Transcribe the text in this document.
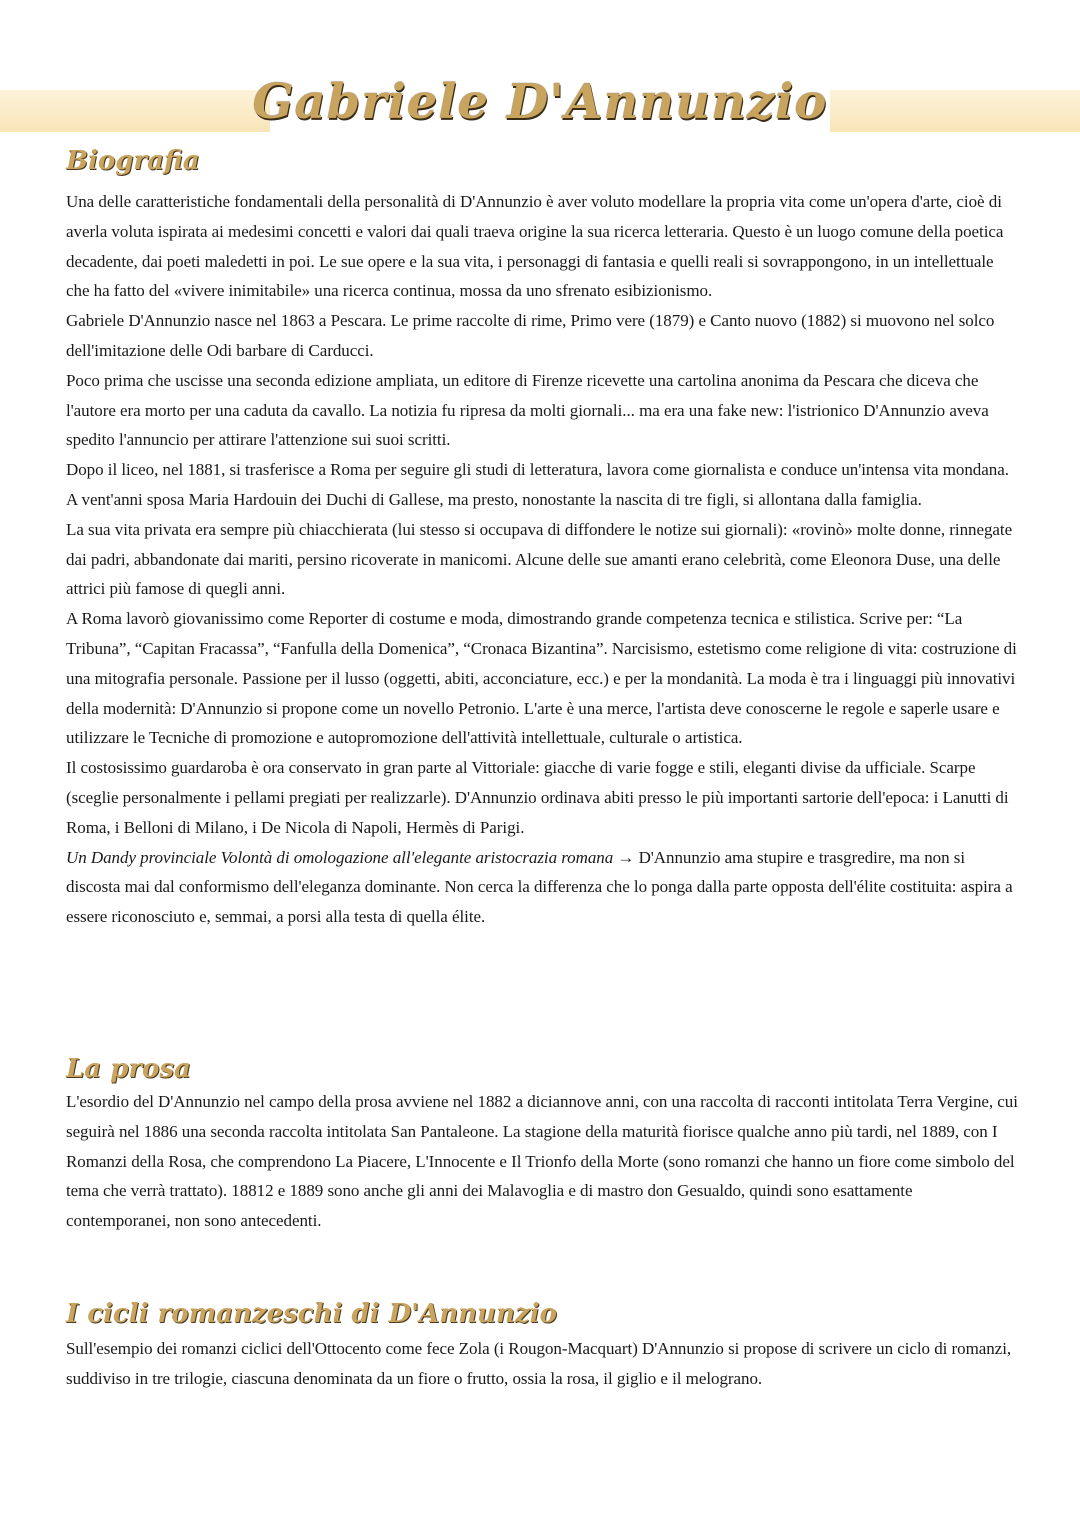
Gabriele D'Annunzio
Biografia

Una delle caratteristiche fondamentali della personalità di D'Annunzio è aver voluto modellare la propria vita come un'opera d'arte, cioè di averla voluta ispirata ai medesimi concetti e valori dai quali traeva origine la sua ricerca letteraria. Questo è un luogo comune della poetica decadente, dai poeti maledetti in poi. Le sue opere e la sua vita, i personaggi di fantasia e quelli reali si sovrappongono, in un intellettuale che ha fatto del «vivere inimitabile» una ricerca continua, mossa da uno sfrenato esibizionismo.

Gabriele D'Annunzio nasce nel 1863 a Pescara. Le prime raccolte di rime, Primo vere (1879) e Canto nuovo (1882) si muovono nel solco dell'imitazione delle Odi barbare di Carducci.

Poco prima che uscisse una seconda edizione ampliata, un editore di Firenze ricevette una cartolina anonima da Pescara che diceva che l'autore era morto per una caduta da cavallo. La notizia fu ripresa da molti giornali... ma era una fake new: l'istrionico D'Annunzio aveva spedito l'annuncio per attirare l'attenzione sui suoi scritti.

Dopo il liceo, nel 1881, si trasferisce a Roma per seguire gli studi di letteratura, lavora come giornalista e conduce un'intensa vita mondana. A vent'anni sposa Maria Hardouin dei Duchi di Gallese, ma presto, nonostante la nascita di tre figli, si allontana dalla famiglia.

La sua vita privata era sempre più chiacchierata (lui stesso si occupava di diffondere le notize sui giornali): «rovinò» molte donne, rinnegate dai padri, abbandonate dai mariti, persino ricoverate in manicomi. Alcune delle sue amanti erano celebrità, come Eleonora Duse, una delle attrici più famose di quegli anni.

A Roma lavorò giovanissimo come Reporter di costume e moda, dimostrando grande competenza tecnica e stilistica. Scrive per: “La Tribuna”, “Capitan Fracassa”, “Fanfulla della Domenica”, “Cronaca Bizantina”. Narcisismo, estetismo come religione di vita: costruzione di una mitografia personale. Passione per il lusso (oggetti, abiti, acconciature, ecc.) e per la mondanità. La moda è tra i linguaggi più innovativi della modernità: D'Annunzio si propone come un novello Petronio. L'arte è una merce, l'artista deve conoscerne le regole e saperle usare e utilizzare le Tecniche di promozione e autopromozione dell'attività intellettuale, culturale o artistica.

Il costosissimo guardaroba è ora conservato in gran parte al Vittoriale: giacche di varie fogge e stili, eleganti divise da ufficiale. Scarpe (sceglie personalmente i pellami pregiati per realizzarle). D'Annunzio ordinava abiti presso le più importanti sartorie dell'epoca: i Lanutti di Roma, i Belloni di Milano, i De Nicola di Napoli, Hermès di Parigi.

Un Dandy provinciale Volontà di omologazione all'elegante aristocrazia romana → D'Annunzio ama stupire e trasgredire, ma non si discosta mai dal conformismo dell'eleganza dominante. Non cerca la differenza che lo ponga dalla parte opposta dell'élite costituita: aspira a essere riconosciuto e, semmai, a porsi alla testa di quella élite.

La prosa

L'esordio del D'Annunzio nel campo della prosa avviene nel 1882 a diciannove anni, con una raccolta di racconti intitolata Terra Vergine, cui seguirà nel 1886 una seconda raccolta intitolata San Pantaleone. La stagione della maturità fiorisce qualche anno più tardi, nel 1889, con I Romanzi della Rosa, che comprendono La Piacere, L'Innocente e Il Trionfo della Morte (sono romanzi che hanno un fiore come simbolo del tema che verrà trattato). 18812 e 1889 sono anche gli anni dei Malavoglia e di mastro don Gesualdo, quindi sono esattamente contemporanei, non sono antecedenti.

I cicli romanzeschi di D'Annunzio

Sull'esempio dei romanzi ciclici dell'Ottocento come fece Zola (i Rougon-Macquart) D'Annunzio si propose di scrivere un ciclo di romanzi, suddiviso in tre trilogie, ciascuna denominata da un fiore o frutto, ossia la rosa, il giglio e il melograno.
